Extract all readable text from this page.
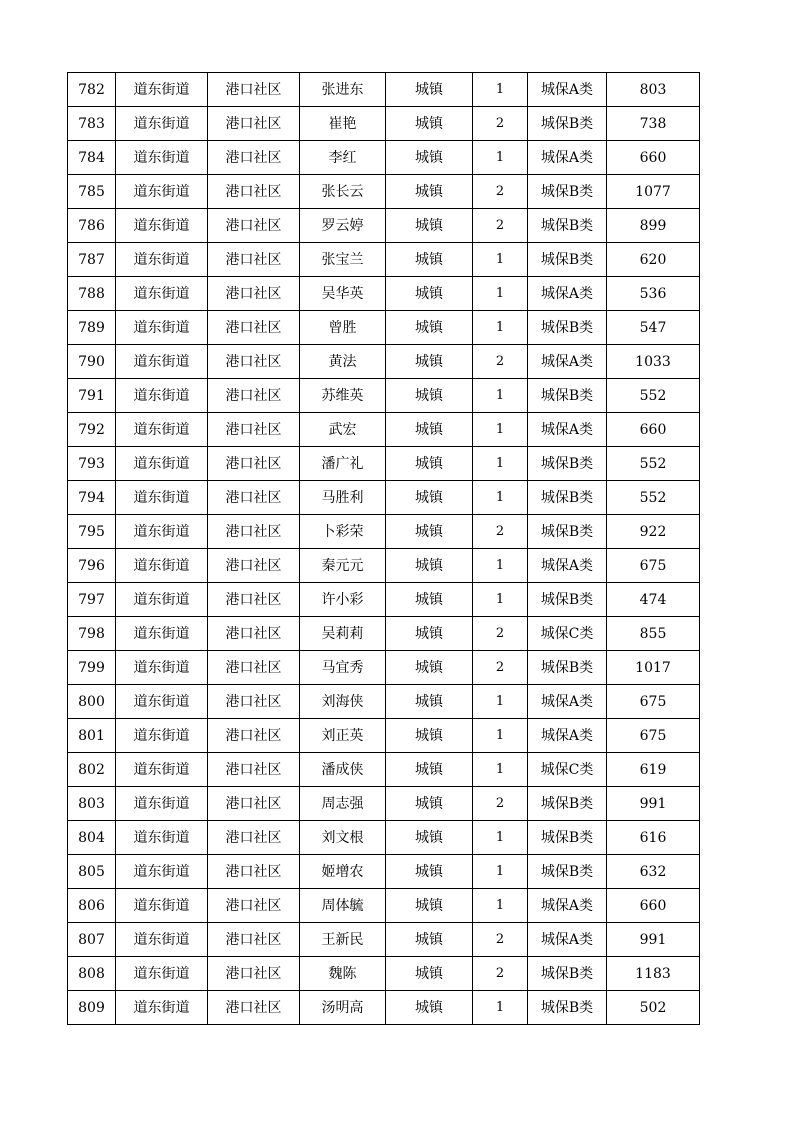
782	道东街道	港口社区	张进东	城镇	1	城保A类	803
783	道东街道	港口社区	崔艳	城镇	2	城保B类	738
784	道东街道	港口社区	李红	城镇	1	城保A类	660
785	道东街道	港口社区	张长云	城镇	2	城保B类	1077
786	道东街道	港口社区	罗云婷	城镇	2	城保B类	899
787	道东街道	港口社区	张宝兰	城镇	1	城保B类	620
788	道东街道	港口社区	吴华英	城镇	1	城保A类	536
789	道东街道	港口社区	曾胜	城镇	1	城保B类	547
790	道东街道	港口社区	黄法	城镇	2	城保A类	1033
791	道东街道	港口社区	苏维英	城镇	1	城保B类	552
792	道东街道	港口社区	武宏	城镇	1	城保A类	660
793	道东街道	港口社区	潘广礼	城镇	1	城保B类	552
794	道东街道	港口社区	马胜利	城镇	1	城保B类	552
795	道东街道	港口社区	卜彩荣	城镇	2	城保B类	922
796	道东街道	港口社区	秦元元	城镇	1	城保A类	675
797	道东街道	港口社区	许小彩	城镇	1	城保B类	474
798	道东街道	港口社区	吴莉莉	城镇	2	城保C类	855
799	道东街道	港口社区	马宜秀	城镇	2	城保B类	1017
800	道东街道	港口社区	刘海侠	城镇	1	城保A类	675
801	道东街道	港口社区	刘正英	城镇	1	城保A类	675
802	道东街道	港口社区	潘成侠	城镇	1	城保C类	619
803	道东街道	港口社区	周志强	城镇	2	城保B类	991
804	道东街道	港口社区	刘文根	城镇	1	城保B类	616
805	道东街道	港口社区	姬增农	城镇	1	城保B类	632
806	道东街道	港口社区	周体毓	城镇	1	城保A类	660
807	道东街道	港口社区	王新民	城镇	2	城保A类	991
808	道东街道	港口社区	魏陈	城镇	2	城保B类	1183
809	道东街道	港口社区	汤明高	城镇	1	城保B类	502
